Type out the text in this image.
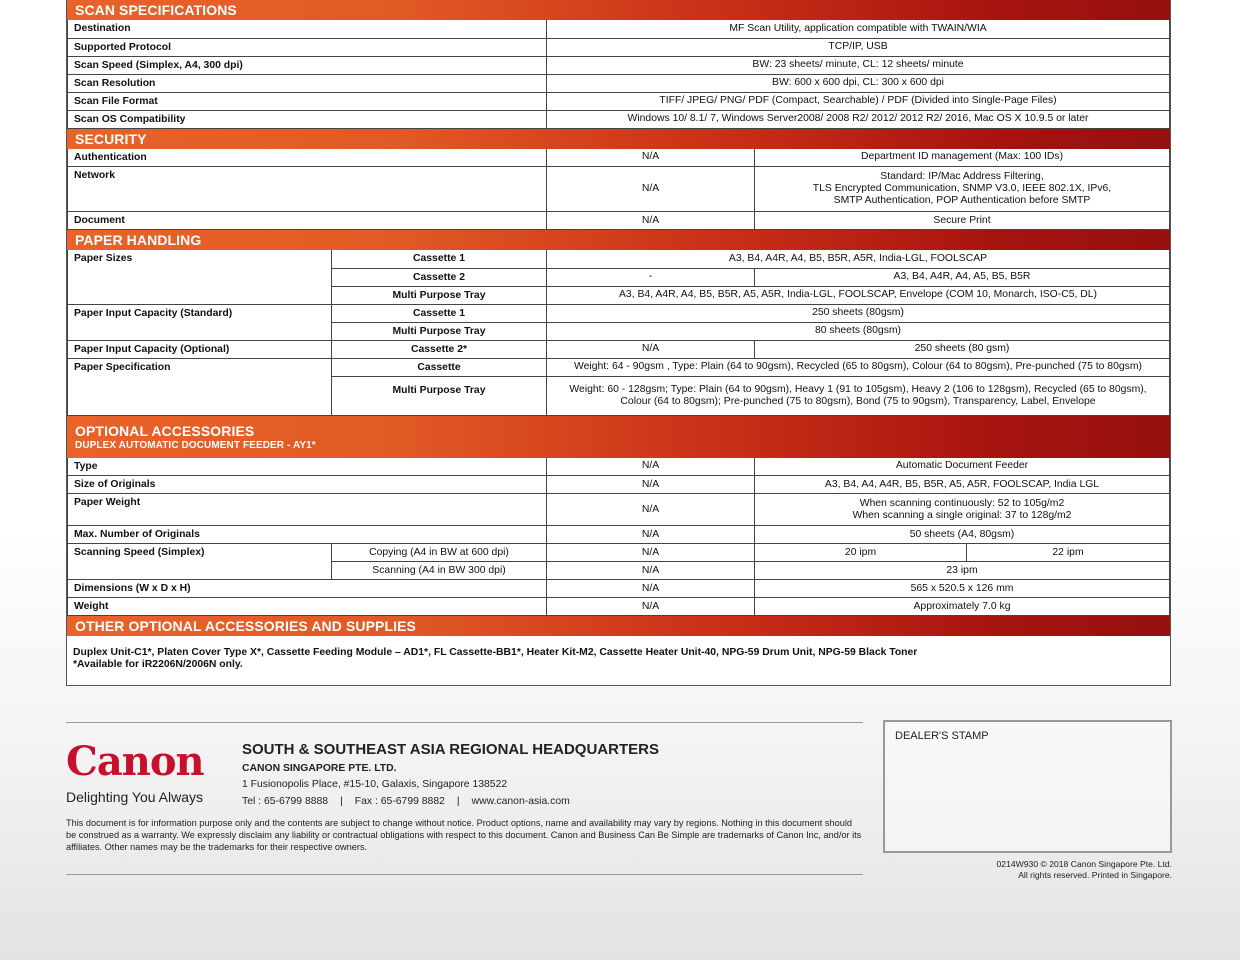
SCAN SPECIFICATIONS
Destination	MF Scan Utility, application compatible with TWAIN/WIA
Supported Protocol	TCP/IP, USB
Scan Speed (Simplex, A4, 300 dpi)	BW: 23 sheets/ minute, CL: 12 sheets/ minute
Scan Resolution	BW: 600 x 600 dpi, CL: 300 x 600 dpi
Scan File Format	TIFF/ JPEG/ PNG/ PDF (Compact, Searchable) / PDF (Divided into Single-Page Files)
Scan OS Compatibility	Windows 10/ 8.1/ 7, Windows Server2008/ 2008 R2/ 2012/ 2012 R2/ 2016, Mac OS X 10.9.5 or later
SECURITY
Authentication	N/A	Department ID management (Max: 100 IDs)
Network	N/A	Standard: IP/Mac Address Filtering,
TLS Encrypted Communication, SNMP V3.0, IEEE 802.1X, IPv6,
SMTP Authentication, POP Authentication before SMTP

Document	N/A	Secure Print
PAPER HANDLING
Paper Sizes	Cassette 1	A3, B4, A4R, A4, B5, B5R, A5R, India-LGL, FOOLSCAP	
	Cassette 2	-	A3, B4, A4R, A4, A5, B5, B5R
	Multi Purpose Tray	A3, B4, A4R, A4, B5, B5R, A5, A5R, India-LGL, FOOLSCAP, Envelope (COM 10, Monarch, ISO-C5, DL)	
Paper Input Capacity (Standard)	Cassette 1	250 sheets (80gsm)	
	Multi Purpose Tray	80 sheets (80gsm)	
Paper Input Capacity (Optional)	Cassette 2*	N/A	250 sheets (80 gsm)
Paper Specification	Cassette	Weight: 64 - 90gsm , Type: Plain (64 to 90gsm), Recycled (65 to 80gsm), Colour (64 to 80gsm), Pre-punched (75 to 80gsm)	
	Multi Purpose Tray	Weight: 60 - 128gsm; Type: Plain (64 to 90gsm), Heavy 1 (91 to 105gsm), Heavy 2 (106 to 128gsm), Recycled (65 to 80gsm),
Colour (64 to 80gsm); Pre-punched (75 to 80gsm), Bond (75 to 90gsm), Transparency, Label, Envelope	
OPTIONAL ACCESSORIES
DUPLEX AUTOMATIC DOCUMENT FEEDER - AY1*
Type		N/A	Automatic Document Feeder	
Size of Originals		N/A	A3, B4, A4, A4R, B5, B5R, A5, A5R, FOOLSCAP, India LGL	
Paper Weight		N/A	When scanning continuously: 52 to 105g/m2
When scanning a single original: 37 to 128g/m2	

Max. Number of Originals		N/A	50 sheets (A4, 80gsm)	
Scanning Speed (Simplex)	Copying (A4 in BW at 600 dpi)	N/A	20 ipm	22 ipm
	Scanning (A4 in BW 300 dpi)	N/A	23 ipm	
Dimensions (W x D x H)		N/A	565 x 520.5 x 126 mm	
Weight		N/A	Approximately 7.0 kg	
OTHER OPTIONAL ACCESSORIES AND SUPPLIES
Duplex Unit-C1*, Platen Cover Type X*, Cassette Feeding Module – AD1*, FL Cassette-BB1*, Heater Kit-M2, Cassette Heater Unit-40, NPG-59 Drum Unit, NPG-59 Black Toner
*Available for iR2206N/2006N only.
Canon
Delighting You Always
SOUTH & SOUTHEAST ASIA REGIONAL HEADQUARTERS
CANON SINGAPORE PTE. LTD.
1 Fusionopolis Place, #15-10, Galaxis, Singapore 138522
Tel : 65-6799 8888 | Fax : 65-6799 8882 | www.canon-asia.com
This document is for information purpose only and the contents are subject to change without notice. Product options, name and availability may vary by regions. Nothing in this document should be construed as a warranty. We expressly disclaim any liability or contractual obligations with respect to this document. Canon and Business Can Be Simple are trademarks of Canon Inc, and/or its affiliates. Other names may be the trademarks for their respective owners.
DEALER'S STAMP
0214W930 © 2018 Canon Singapore Pte. Ltd.
All rights reserved. Printed in Singapore.
